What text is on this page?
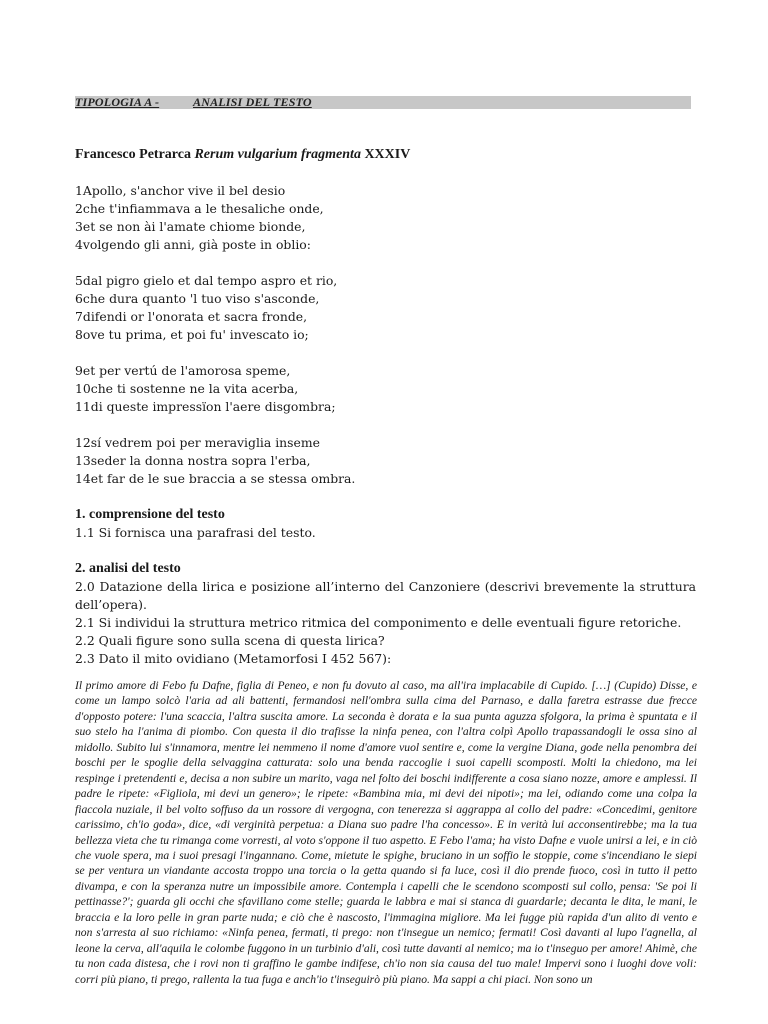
TIPOLOGIA A -	ANALISI DEL TESTO

Francesco Petrarca Rerum vulgarium fragmenta XXXIV

1Apollo, s'anchor vive il bel desio
2che t'infiammava a le thesaliche onde,
3et se non ài l'amate chiome bionde,
4volgendo gli anni, già poste in oblio:
5dal pigro gielo et dal tempo aspro et rio,
6che dura quanto 'l tuo viso s'asconde,
7difendi or l'onorata et sacra fronde,
8ove tu prima, et poi fu' invescato io;
9et per vertú de l'amorosa speme,
10che ti sostenne ne la vita acerba,
11di queste impressïon l'aere disgombra;
12sí vedrem poi per meraviglia inseme
13seder la donna nostra sopra l'erba,
14et far de le sue braccia a se stessa ombra.
1. comprensione del testo
1.1 Si fornisca una parafrasi del testo.
2. analisi del testo
2.0 Datazione della lirica e posizione all’interno del Canzoniere (descrivi brevemente la struttura dell’opera).
2.1 Si individui la struttura metrico ritmica del componimento e delle eventuali figure retoriche.
2.2 Quali figure sono sulla scena di questa lirica?
2.3 Dato il mito ovidiano (Metamorfosi I 452 567):
Il primo amore di Febo fu Dafne, figlia di Peneo, e non fu dovuto al caso, ma all'ira implacabile di Cupido. […] (Cupido) Disse, e come un lampo solcò l'aria ad ali battenti, fermandosi nell'ombra sulla cima del Parnaso, e dalla faretra estrasse due frecce d'opposto potere: l'una scaccia, l'altra suscita amore. La seconda è dorata e la sua punta aguzza sfolgora, la prima è spuntata e il suo stelo ha l'anima di piombo. Con questa il dio trafisse la ninfa penea, con l'altra colpì Apollo trapassandogli le ossa sino al midollo. Subito lui s'innamora, mentre lei nemmeno il nome d'amore vuol sentire e, come la vergine Diana, gode nella penombra dei boschi per le spoglie della selvaggina catturata: solo una benda raccoglie i suoi capelli scomposti. Molti la chiedono, ma lei respinge i pretendenti e, decisa a non subire un marito, vaga nel folto dei boschi indifferente a cosa siano nozze, amore e amplessi. Il padre le ripete: «Figliola, mi devi un genero»; le ripete: «Bambina mia, mi devi dei nipoti»; ma lei, odiando come una colpa la fiaccola nuziale, il bel volto soffuso da un rossore di vergogna, con tenerezza si aggrappa al collo del padre: «Concedimi, genitore carissimo, ch'io goda», dice, «di verginità perpetua: a Diana suo padre l'ha concesso». E in verità lui acconsentirebbe; ma la tua bellezza vieta che tu rimanga come vorresti, al voto s'oppone il tuo aspetto. E Febo l'ama; ha visto Dafne e vuole unirsi a lei, e in ciò che vuole spera, ma i suoi presagi l'ingannano. Come, mietute le spighe, bruciano in un soffio le stoppie, come s'incendiano le siepi se per ventura un viandante accosta troppo una torcia o la getta quando si fa luce, così il dio prende fuoco, così in tutto il petto divampa, e con la speranza nutre un impossibile amore. Contempla i capelli che le scendono scomposti sul collo, pensa: 'Se poi li pettinasse?'; guarda gli occhi che sfavillano come stelle; guarda le labbra e mai si stanca di guardarle; decanta le dita, le mani, le braccia e la loro pelle in gran parte nuda; e ciò che è nascosto, l'immagina migliore. Ma lei fugge più rapida d'un alito di vento e non s'arresta al suo richiamo: «Ninfa penea, fermati, ti prego: non t'insegue un nemico; fermati! Così davanti al lupo l'agnella, al leone la cerva, all'aquila le colombe fuggono in un turbinio d'ali, così tutte davanti al nemico; ma io t'inseguo per amore! Ahimè, che tu non cada distesa, che i rovi non ti graffino le gambe indifese, ch'io non sia causa del tuo male! Impervi sono i luoghi dove voli: corri più piano, ti prego, rallenta la tua fuga e anch'io t'inseguirò più piano. Ma sappi a chi piaci. Non sono un
